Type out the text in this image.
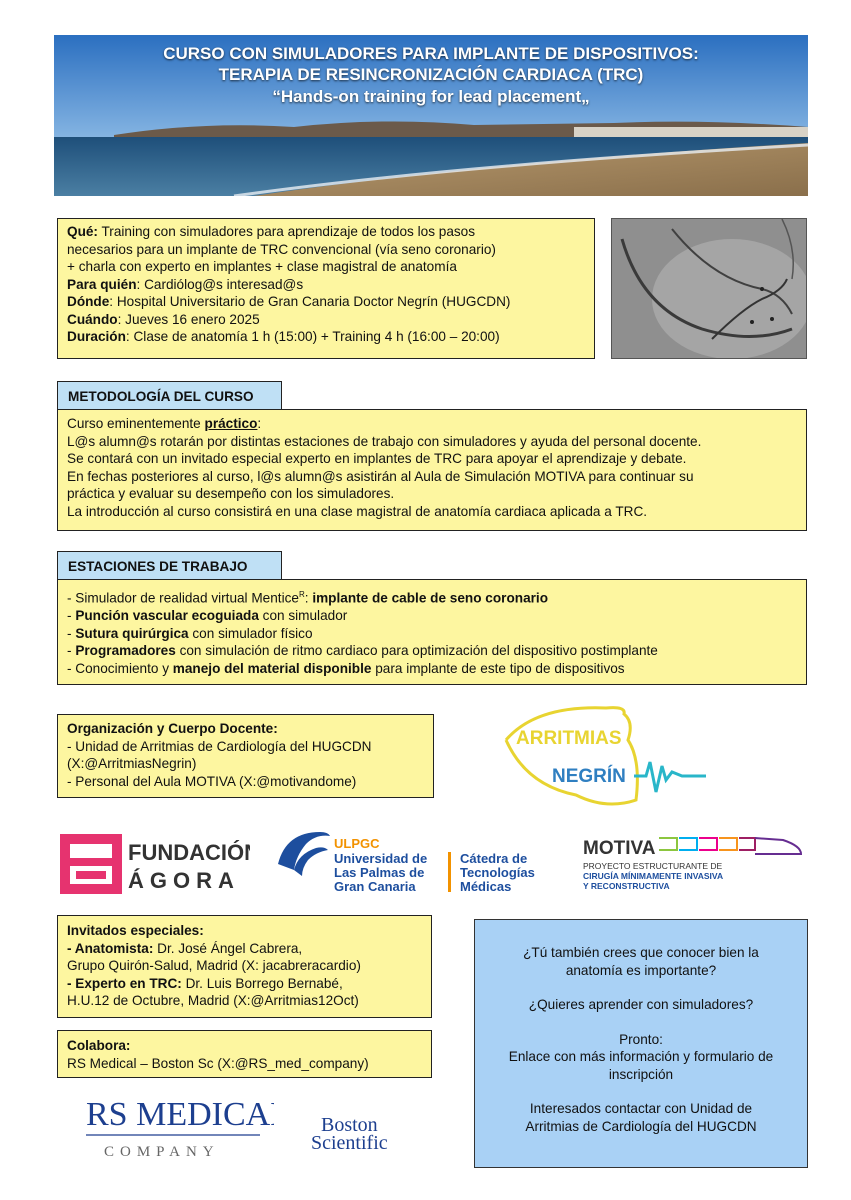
CURSO CON SIMULADORES PARA IMPLANTE DE DISPOSITIVOS:
TERAPIA DE RESINCRONIZACIÓN CARDIACA (TRC)
“Hands-on training for lead placement„

Qué: Training con simuladores para aprendizaje de todos los pasos

necesarios para un implante de TRC convencional (vía seno coronario)

+ charla con experto en implantes + clase magistral de anatomía

Para quién: Cardiólog@s interesad@s

Dónde: Hospital Universitario de Gran Canaria Doctor Negrín (HUGCDN)

Cuándo: Jueves 16 enero 2025

Duración: Clase de anatomía 1 h (15:00) + Training 4 h (16:00 – 20:00)

METODOLOGÍA DEL CURSO

Curso eminentemente práctico:

L@s alumn@s rotarán por distintas estaciones de trabajo con simuladores y ayuda del personal docente.

Se contará con un invitado especial experto en implantes de TRC para apoyar el aprendizaje y debate.

En fechas posteriores al curso, l@s alumn@s asistirán al Aula de Simulación MOTIVA para continuar su

práctica y evaluar su desempeño con los simuladores.

La introducción al curso consistirá en una clase magistral de anatomía cardiaca aplicada a TRC.

ESTACIONES DE TRABAJO

- Simulador de realidad virtual Mentice$^R$: implante de cable de seno coronario

- Punción vascular ecoguiada con simulador

- Sutura quirúrgica con simulador físico

- Programadores con simulación de ritmo cardiaco para optimización del dispositivo postimplante

- Conocimiento y manejo del material disponible para implante de este tipo de dispositivos

Organización y Cuerpo Docente:

- Unidad de Arritmias de Cardiología del HUGCDN

(X:@ArritmiasNegrin)

- Personal del Aula MOTIVA (X:@motivandome)

ARRITMIAS
NEGRÍN
FUNDACIÓN
ÁGORA
ULPGC
Universidad de
Las Palmas de
Gran Canaria
Cátedra de
Tecnologías
Médicas
MOTIVA
PROYECTO ESTRUCTURANTE DE
CIRUGÍA MÍNIMAMENTE INVASIVA
Y RECONSTRUCTIVA

Invitados especiales:

- Anatomista: Dr. José Ángel Cabrera,

Grupo Quirón-Salud, Madrid (X: jacabreracardio)

- Experto en TRC: Dr. Luis Borrego Bernabé,

H.U.12 de Octubre, Madrid (X:@Arritmias12Oct)

Colabora:

RS Medical – Boston Sc (X:@RS_med_company)

RS MEDICAL
COMPANY
Boston
Scientific

¿Tú también crees que conocer bien la

anatomía es importante?

¿Quieres aprender con simuladores?

Pronto:

Enlace con más información y formulario de

inscripción

Interesados contactar con Unidad de

Arritmias de Cardiología del HUGCDN
